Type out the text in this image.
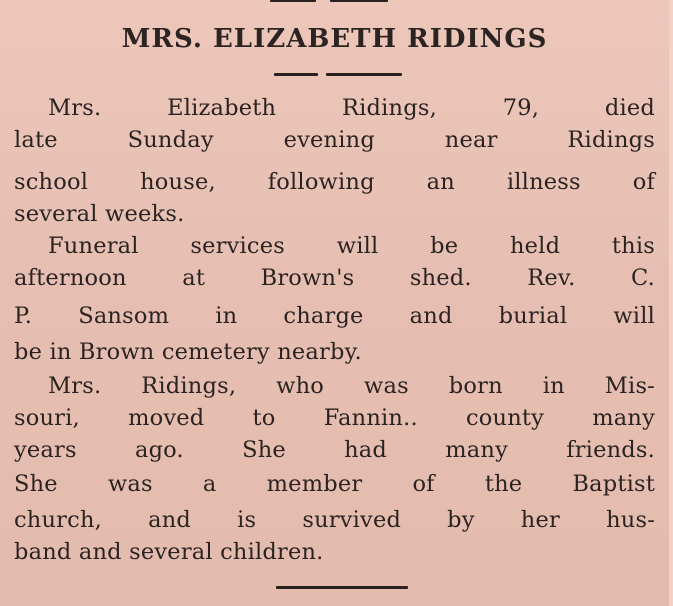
MRS. ELIZABETH RIDINGS
Mrs. Elizabeth Ridings, 79, died
late Sunday evening near Ridings
school house, following an illness of
several weeks.
Funeral services will be held this
afternoon at Brown's shed. Rev. C.
P. Sansom in charge and burial will
be in Brown cemetery nearby.
Mrs. Ridings, who was born in Mis-
souri, moved to Fannin.. county many
years ago. She had many friends.
She was a member of the Baptist
church, and is survived by her hus-
band and several children.
